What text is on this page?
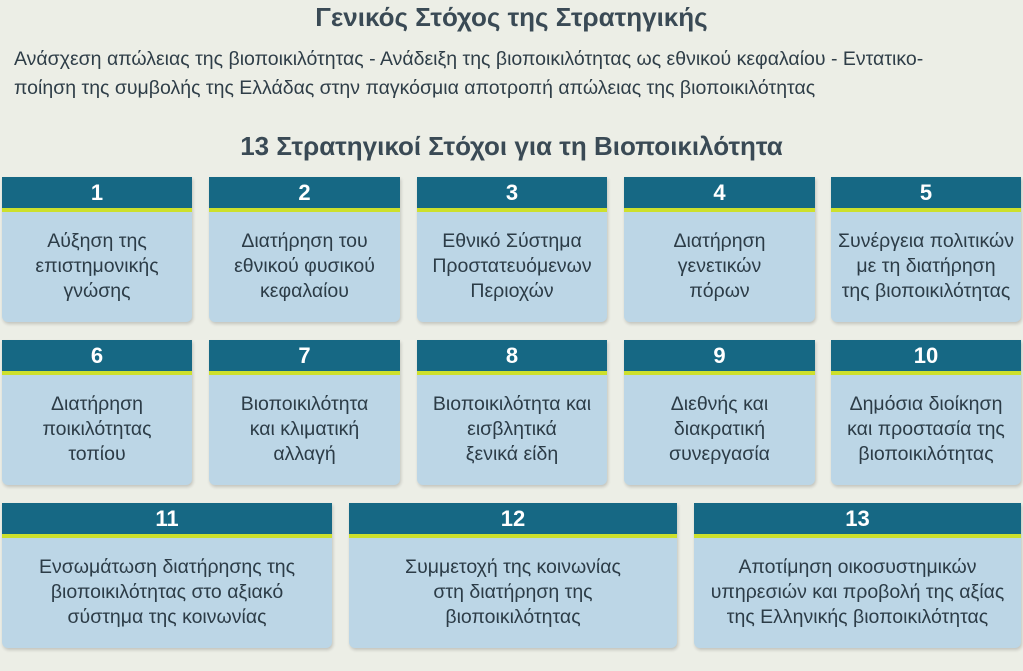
Γενικός Στόχος της Στρατηγικής
Ανάσχεση απώλειας της βιοποικιλότητας - Ανάδειξη της βιοποικιλότητας ως εθνικού κεφαλαίου - Εντατικο-
ποίηση της συμβολής της Ελλάδας στην παγκόσμια αποτροπή απώλειας της βιοποικιλότητας
13 Στρατηγικοί Στόχοι για τη Βιοποικιλότητα
1
Αύξηση της
επιστημονικής
γνώσης
2
Διατήρηση του
εθνικού φυσικού
κεφαλαίου
3
Εθνικό Σύστημα
Προστατευόμενων
Περιοχών
4
Διατήρηση
γενετικών
πόρων
5
Συνέργεια πολιτικών
με τη διατήρηση
της βιοποικιλότητας
6
Διατήρηση
ποικιλότητας
τοπίου
7
Βιοποικιλότητα
και κλιματική
αλλαγή
8
Βιοποικιλότητα και
εισβλητικά
ξενικά είδη
9
Διεθνής και
διακρατική
συνεργασία
10
Δημόσια διοίκηση
και προστασία της
βιοποικιλότητας
11
Ενσωμάτωση διατήρησης της
βιοποικιλότητας στο αξιακό
σύστημα της κοινωνίας
12
Συμμετοχή της κοινωνίας
στη διατήρηση της
βιοποικιλότητας
13
Αποτίμηση οικοσυστημικών
υπηρεσιών και προβολή της αξίας
της Ελληνικής βιοποικιλότητας
